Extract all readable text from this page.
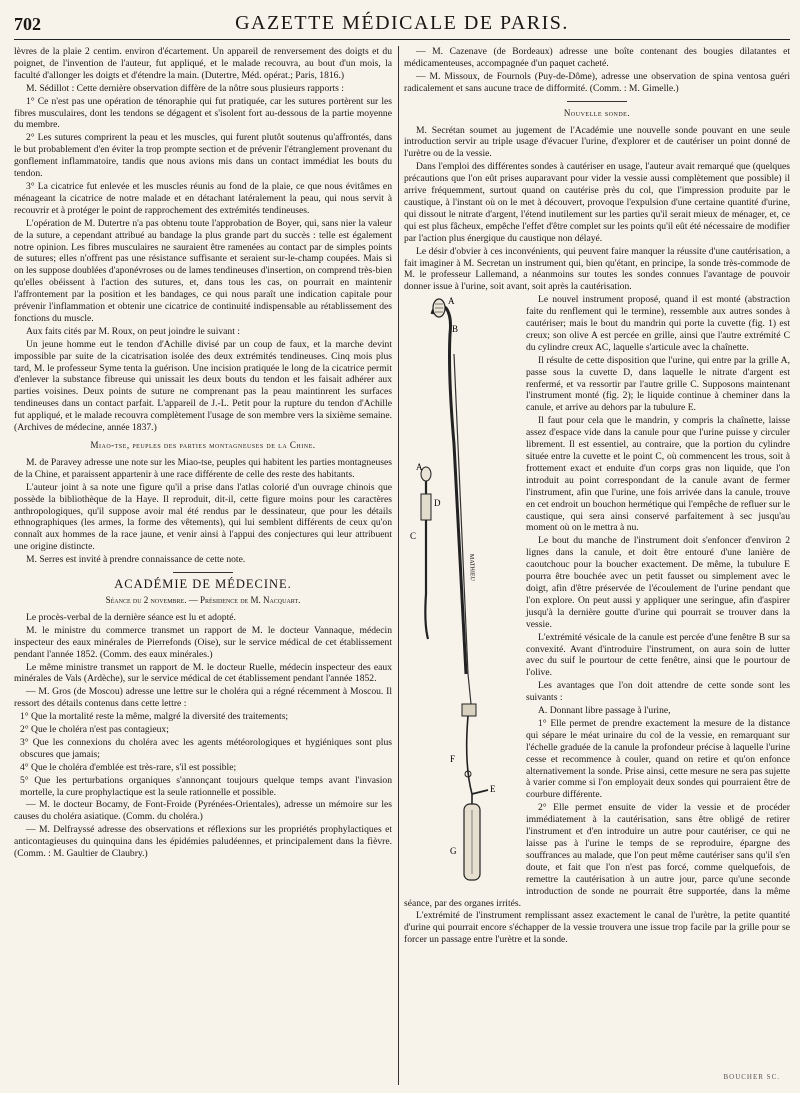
702	GAZETTE MÉDICALE DE PARIS.

lèvres de la plaie 2 centim. environ d'écartement. Un appareil de renversement des doigts et du poignet, de l'invention de l'auteur, fut appliqué, et le malade recouvra, au bout d'un mois, la faculté d'allonger les doigts et d'étendre la main. (Dutertre, Méd. opérat.; Paris, 1816.)

M. Sédillot : Cette dernière observation diffère de la nôtre sous plusieurs rapports :

1° Ce n'est pas une opération de ténoraphie qui fut pratiquée, car les sutures portèrent sur les fibres musculaires, dont les tendons se dégagent et s'isolent fort au-dessous de la partie moyenne du membre.

2° Les sutures comprirent la peau et les muscles, qui furent plutôt soutenus qu'affrontés, dans le but probablement d'en éviter la trop prompte section et de prévenir l'étranglement provenant du gonflement inflammatoire, tandis que nous avions mis dans un contact immédiat les bouts du tendon.

3° La cicatrice fut enlevée et les muscles réunis au fond de la plaie, ce que nous évitâmes en ménageant la cicatrice de notre malade et en détachant latéralement la peau, qui nous servit à recouvrir et à protéger le point de rapprochement des extrémités tendineuses.

L'opération de M. Dutertre n'a pas obtenu toute l'approbation de Boyer, qui, sans nier la valeur de la suture, a cependant attribué au bandage la plus grande part du succès : telle est également notre opinion. Les fibres musculaires ne sauraient être ramenées au contact par de simples points de sutures; elles n'offrent pas une résistance suffisante et seraient sur-le-champ coupées. Mais si on les suppose doublées d'aponévroses ou de lames tendineuses d'insertion, on comprend très-bien qu'elles obéissent à l'action des sutures, et, dans tous les cas, on pourrait en maintenir l'affrontement par la position et les bandages, ce qui nous paraît une indication capitale pour prévenir l'inflammation et obtenir une cicatrice de continuité indispensable au rétablissement des fonctions du muscle.

Aux faits cités par M. Roux, on peut joindre le suivant :

Un jeune homme eut le tendon d'Achille divisé par un coup de faux, et la marche devint impossible par suite de la cicatrisation isolée des deux extrémités tendineuses. Cinq mois plus tard, M. le professeur Syme tenta la guérison. Une incision pratiquée le long de la cicatrice permit d'enlever la substance fibreuse qui unissait les deux bouts du tendon et les faisait adhérer aux parties voisines. Deux points de suture ne comprenant pas la peau maintinrent les surfaces tendineuses dans un contact parfait. L'appareil de J.-L. Petit pour la rupture du tendon d'Achille fut appliqué, et le malade recouvra complètement l'usage de son membre vers la sixième semaine. (Archives de médecine, année 1837.)

Miao-tse, peuples des parties montagneuses de la Chine.

M. de Paravey adresse une note sur les Miao-tse, peuples qui habitent les parties montagneuses de la Chine, et paraissent appartenir à une race différente de celle des reste des habitants.

L'auteur joint à sa note une figure qu'il a prise dans l'atlas colorié d'un ouvrage chinois que possède la bibliothèque de la Haye. Il reproduit, dit-il, cette figure moins pour les caractères anthropologiques, qu'il suppose avoir mal été rendus par le dessinateur, que pour les détails ethnographiques (les armes, la forme des vêtements), qui lui semblent différents de ceux qu'on connaît aux hommes de la race jaune, et venir ainsi à l'appui des conjectures qui leur attribuent une origine distincte.

M. Serres est invité à prendre connaissance de cette note.

ACADÉMIE DE MÉDECINE.
Séance du 2 novembre. — Présidence de M. Nacquart.

Le procès-verbal de la dernière séance est lu et adopté.

M. le ministre du commerce transmet un rapport de M. le docteur Vannaque, médecin inspecteur des eaux minérales de Pierrefonds (Oise), sur le service médical de cet établissement pendant l'année 1852. (Comm. des eaux minérales.)

Le même ministre transmet un rapport de M. le docteur Ruelle, médecin inspecteur des eaux minérales de Vals (Ardèche), sur le service médical de cet établissement pendant l'année 1852.

— M. Gros (de Moscou) adresse une lettre sur le choléra qui a régné récemment à Moscou. Il ressort des détails contenus dans cette lettre :

1° Que la mortalité reste la même, malgré la diversité des traitements;

2° Que le choléra n'est pas contagieux;

3° Que les connexions du choléra avec les agents météorologiques et hygiéniques sont plus obscures que jamais;

4° Que le choléra d'emblée est très-rare, s'il est possible;

5° Que les perturbations organiques s'annonçant toujours quelque temps avant l'invasion mortelle, la cure prophylactique est la seule rationnelle et possible.

— M. le docteur Bocamy, de Font-Froide (Pyrénées-Orientales), adresse un mémoire sur les causes du choléra asiatique. (Comm. du choléra.)

— M. Delfrayssé adresse des observations et réflexions sur les propriétés prophylactiques et anticontagieuses du quinquina dans les épidémies paludéennes, et principalement dans la fièvre. (Comm. : M. Gaultier de Claubry.)

— M. Cazenave (de Bordeaux) adresse une boîte contenant des bougies dilatantes et médicamenteuses, accompagnée d'un paquet cacheté.

— M. Missoux, de Fournols (Puy-de-Dôme), adresse une observation de spina ventosa guéri radicalement et sans aucune trace de difformité. (Comm. : M. Gimelle.)

Nouvelle sonde.

M. Secrétan soumet au jugement de l'Académie une nouvelle sonde pouvant en une seule introduction servir au triple usage d'évacuer l'urine, d'explorer et de cautériser un point donné de l'urètre ou de la vessie.

Dans l'emploi des différentes sondes à cautériser en usage, l'auteur avait remarqué que (quelques précautions que l'on eût prises auparavant pour vider la vessie aussi complètement que possible) il arrive fréquemment, surtout quand on cautérise près du col, que l'impression produite par le caustique, à l'instant où on le met à découvert, provoque l'expulsion d'une certaine quantité d'urine, qui dissout le nitrate d'argent, l'étend inutilement sur les parties qu'il serait mieux de ménager, et, ce qui est plus fâcheux, empêche l'effet d'être complet sur les points qu'il eût été nécessaire de modifier par l'action plus énergique du caustique non délayé.

Le désir d'obvier à ces inconvénients, qui peuvent faire manquer la réussite d'une cautérisation, a fait imaginer à M. Secretan un instrument qui, bien qu'étant, en principe, la sonde très-commode de M. le professeur Lallemand, a néanmoins sur toutes les sondes connues l'avantage de pouvoir donner issue à l'urine, soit avant, soit après la cautérisation.

A
B
MATHIEU
A
D
C
F
E
G

Le nouvel instrument proposé, quand il est monté (abstraction faite du renflement qui le termine), ressemble aux autres sondes à cautériser; mais le bout du mandrin qui porte la cuvette (fig. 1) est creux; son olive A est percée en grille, ainsi que l'autre extrémité C du cylindre creux AC, laquelle s'articule avec la chaînette.

Il résulte de cette disposition que l'urine, qui entre par la grille A, passe sous la cuvette D, dans laquelle le nitrate d'argent est renfermé, et va ressortir par l'autre grille C. Supposons maintenant l'instrument monté (fig. 2); le liquide continue à cheminer dans la canule, et arrive au dehors par la tubulure E.

Il faut pour cela que le mandrin, y compris la chaînette, laisse assez d'espace vide dans la canule pour que l'urine puisse y circuler librement. Il est essentiel, au contraire, que la portion du cylindre située entre la cuvette et le point C, où commencent les trous, soit à frottement exact et enduite d'un corps gras non liquide, que l'on introduit au point correspondant de la canule avant de fermer l'instrument, afin que l'urine, une fois arrivée dans la canule, trouve en cet endroit un bouchon hermétique qui l'empêche de refluer sur le caustique, qui sera ainsi conservé parfaitement à sec jusqu'au moment où on le mettra à nu.

Le bout du manche de l'instrument doit s'enfoncer d'environ 2 lignes dans la canule, et doit être entouré d'une lanière de caoutchouc pour la boucher exactement. De même, la tubulure E pourra être bouchée avec un petit fausset ou simplement avec le doigt, afin d'être préservée de l'écoulement de l'urine pendant que l'on explore. On peut aussi y appliquer une seringue, afin d'aspirer jusqu'à la dernière goutte d'urine qui pourrait se trouver dans la vessie.

L'extrémité vésicale de la canule est percée d'une fenêtre B sur sa convexité. Avant d'introduire l'instrument, on aura soin de lutter avec du suif le pourtour de cette fenêtre, ainsi que le pourtour de l'olive.

Les avantages que l'on doit attendre de cette sonde sont les suivants :

A. Donnant libre passage à l'urine,

1° Elle permet de prendre exactement la mesure de la distance qui sépare le méat urinaire du col de la vessie, en remarquant sur l'échelle graduée de la canule la profondeur précise à laquelle l'urine cesse et recommence à couler, quand on retire et qu'on enfonce alternativement la sonde. Prise ainsi, cette mesure ne sera pas sujette à varier comme si l'on employait deux sondes qui pourraient être de courbure différente.

2° Elle permet ensuite de vider la vessie et de procéder immédiatement à la cautérisation, sans être obligé de retirer l'instrument et d'en introduire un autre pour cautériser, ce qui ne laisse pas à l'urine le temps de se reproduire, épargne des souffrances au malade, que l'on peut même cautériser sans qu'il s'en doute, et fait que l'on n'est pas forcé, comme quelquefois, de remettre la cautérisation à un autre jour, parce qu'une seconde introduction de sonde ne pourrait être supportée, dans la même séance, par des organes irrités.

L'extrémité de l'instrument remplissant assez exactement le canal de l'urètre, la petite quantité d'urine qui pourrait encore s'échapper de la vessie trouvera une issue trop facile par la grille pour se forcer un passage entre l'urètre et la sonde.

BOUCHER SC.
